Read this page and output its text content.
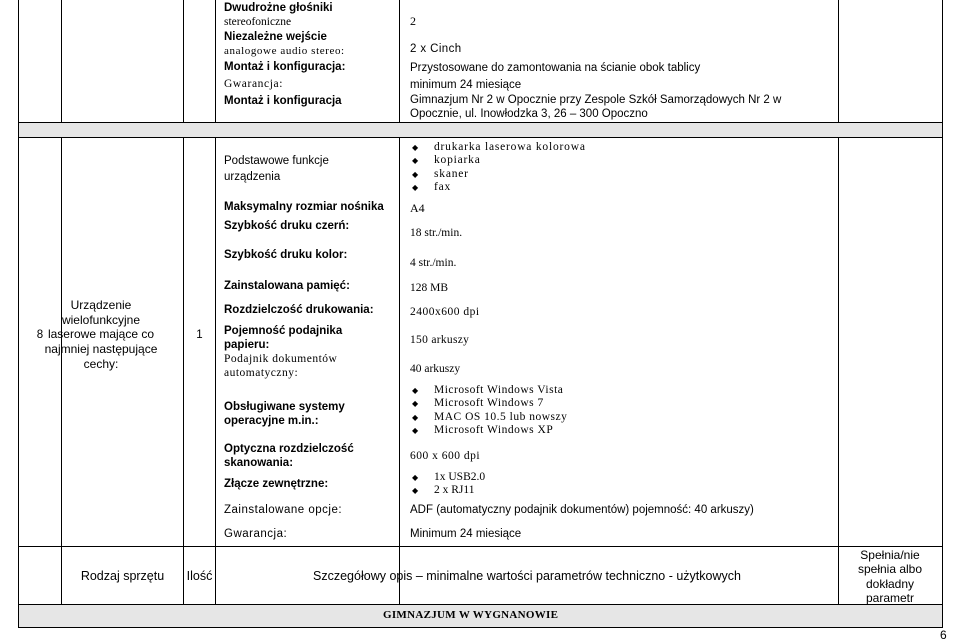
Dwudrożne głośniki
stereofoniczne
Niezależne wejście
analogowe audio stereo:
Montaż i konfiguracja:
Gwarancja:
Montaż i konfiguracja
2
2 x Cinch
Przystosowane do zamontowania na ścianie obok tablicy
minimum 24 miesiące
Gimnazjum Nr 2 w Opocznie przy Zespole Szkół Samorządowych Nr 2 w Opocznie, ul. Inowłodzka 3, 26 – 300 Opoczno
8
Urządzenie wielofunkcyjne laserowe mające co najmniej następujące cechy:
1
Podstawowe funkcje urządzenia
Maksymalny rozmiar nośnika
Szybkość druku czerń:
Szybkość druku kolor:
Zainstalowana pamięć:
Rozdzielczość drukowania:
Pojemność podajnika papieru:
Podajnik dokumentów automatyczny:
Obsługiwane systemy operacyjne m.in.:
Optyczna rozdzielczość skanowania:
Złącze zewnętrzne:
Zainstalowane opcje:
Gwarancja:
◆ drukarka laserowa kolorowa
◆ kopiarka
◆ skaner
◆ fax
A4
18 str./min.
4 str./min.
128 MB
2400x600 dpi
150 arkuszy
40 arkuszy
◆ Microsoft Windows Vista
◆ Microsoft Windows 7
◆ MAC OS 10.5 lub nowszy
◆ Microsoft Windows XP
600 x 600 dpi
◆ 1x USB2.0
◆ 2 x RJ11
ADF (automatyczny podajnik dokumentów) pojemność: 40 arkuszy)
Minimum 24 miesiące
Rodzaj sprzętu	Ilość	Szczegółowy opis – minimalne wartości parametrów techniczno - użytkowych
Spełnia/nie spełnia albo dokładny parametr
GIMNAZJUM W WYGNANOWIE
6
